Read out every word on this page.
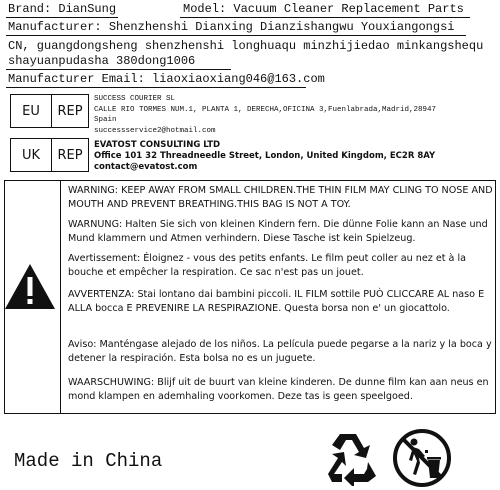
Brand: DianSung	Model: Vacuum Cleaner Replacement Parts
Manufacturer: Shenzhenshi Dianxing Dianzishangwu Youxiangongsi
CN, guangdongsheng shenzhenshi longhuaqu minzhijiedao minkangshequ
shayuanpudasha 380dong1006
Manufacturer Email: liaoxiaoxiang046@163.com
EU REP
SUCCESS COURIER SL
CALLE RIO TORMES NUM.1, PLANTA 1, DERECHA,OFICINA 3,Fuenlabrada,Madrid,28947
Spain
successservice2@hotmail.com
UK REP
EVATOST CONSULTING LTD
Office 101 32 Threadneedle Street, London, United Kingdom, EC2R 8AY
contact@evatost.com

WARNING: KEEP AWAY FROM SMALL CHILDREN.THE THIN FILM MAY CLING TO NOSE AND MOUTH AND PREVENT BREATHING.THIS BAG IS NOT A TOY.

WARNUNG: Halten Sie sich von kleinen Kindern fern. Die dünne Folie kann an Nase und Mund klammern und Atmen verhindern. Diese Tasche ist kein Spielzeug.

Avertissement: Éloignez - vous des petits enfants. Le film peut coller au nez et à la bouche et empêcher la respiration. Ce sac n'est pas un jouet.

AVVERTENZA: Stai lontano dai bambini piccoli. IL FILM sottile PUÒ CLICCARE AL naso E ALLA bocca E PREVENIRE LA RESPIRAZIONE. Questa borsa non e' un giocattolo.

Aviso: Manténgase alejado de los niños. La película puede pegarse a la nariz y la boca y detener la respiración. Esta bolsa no es un juguete.

WAARSCHUWING: Blijf uit de buurt van kleine kinderen. De dunne film kan aan neus en mond klampen en ademhaling voorkomen. Deze tas is geen speelgoed.

Made in China
